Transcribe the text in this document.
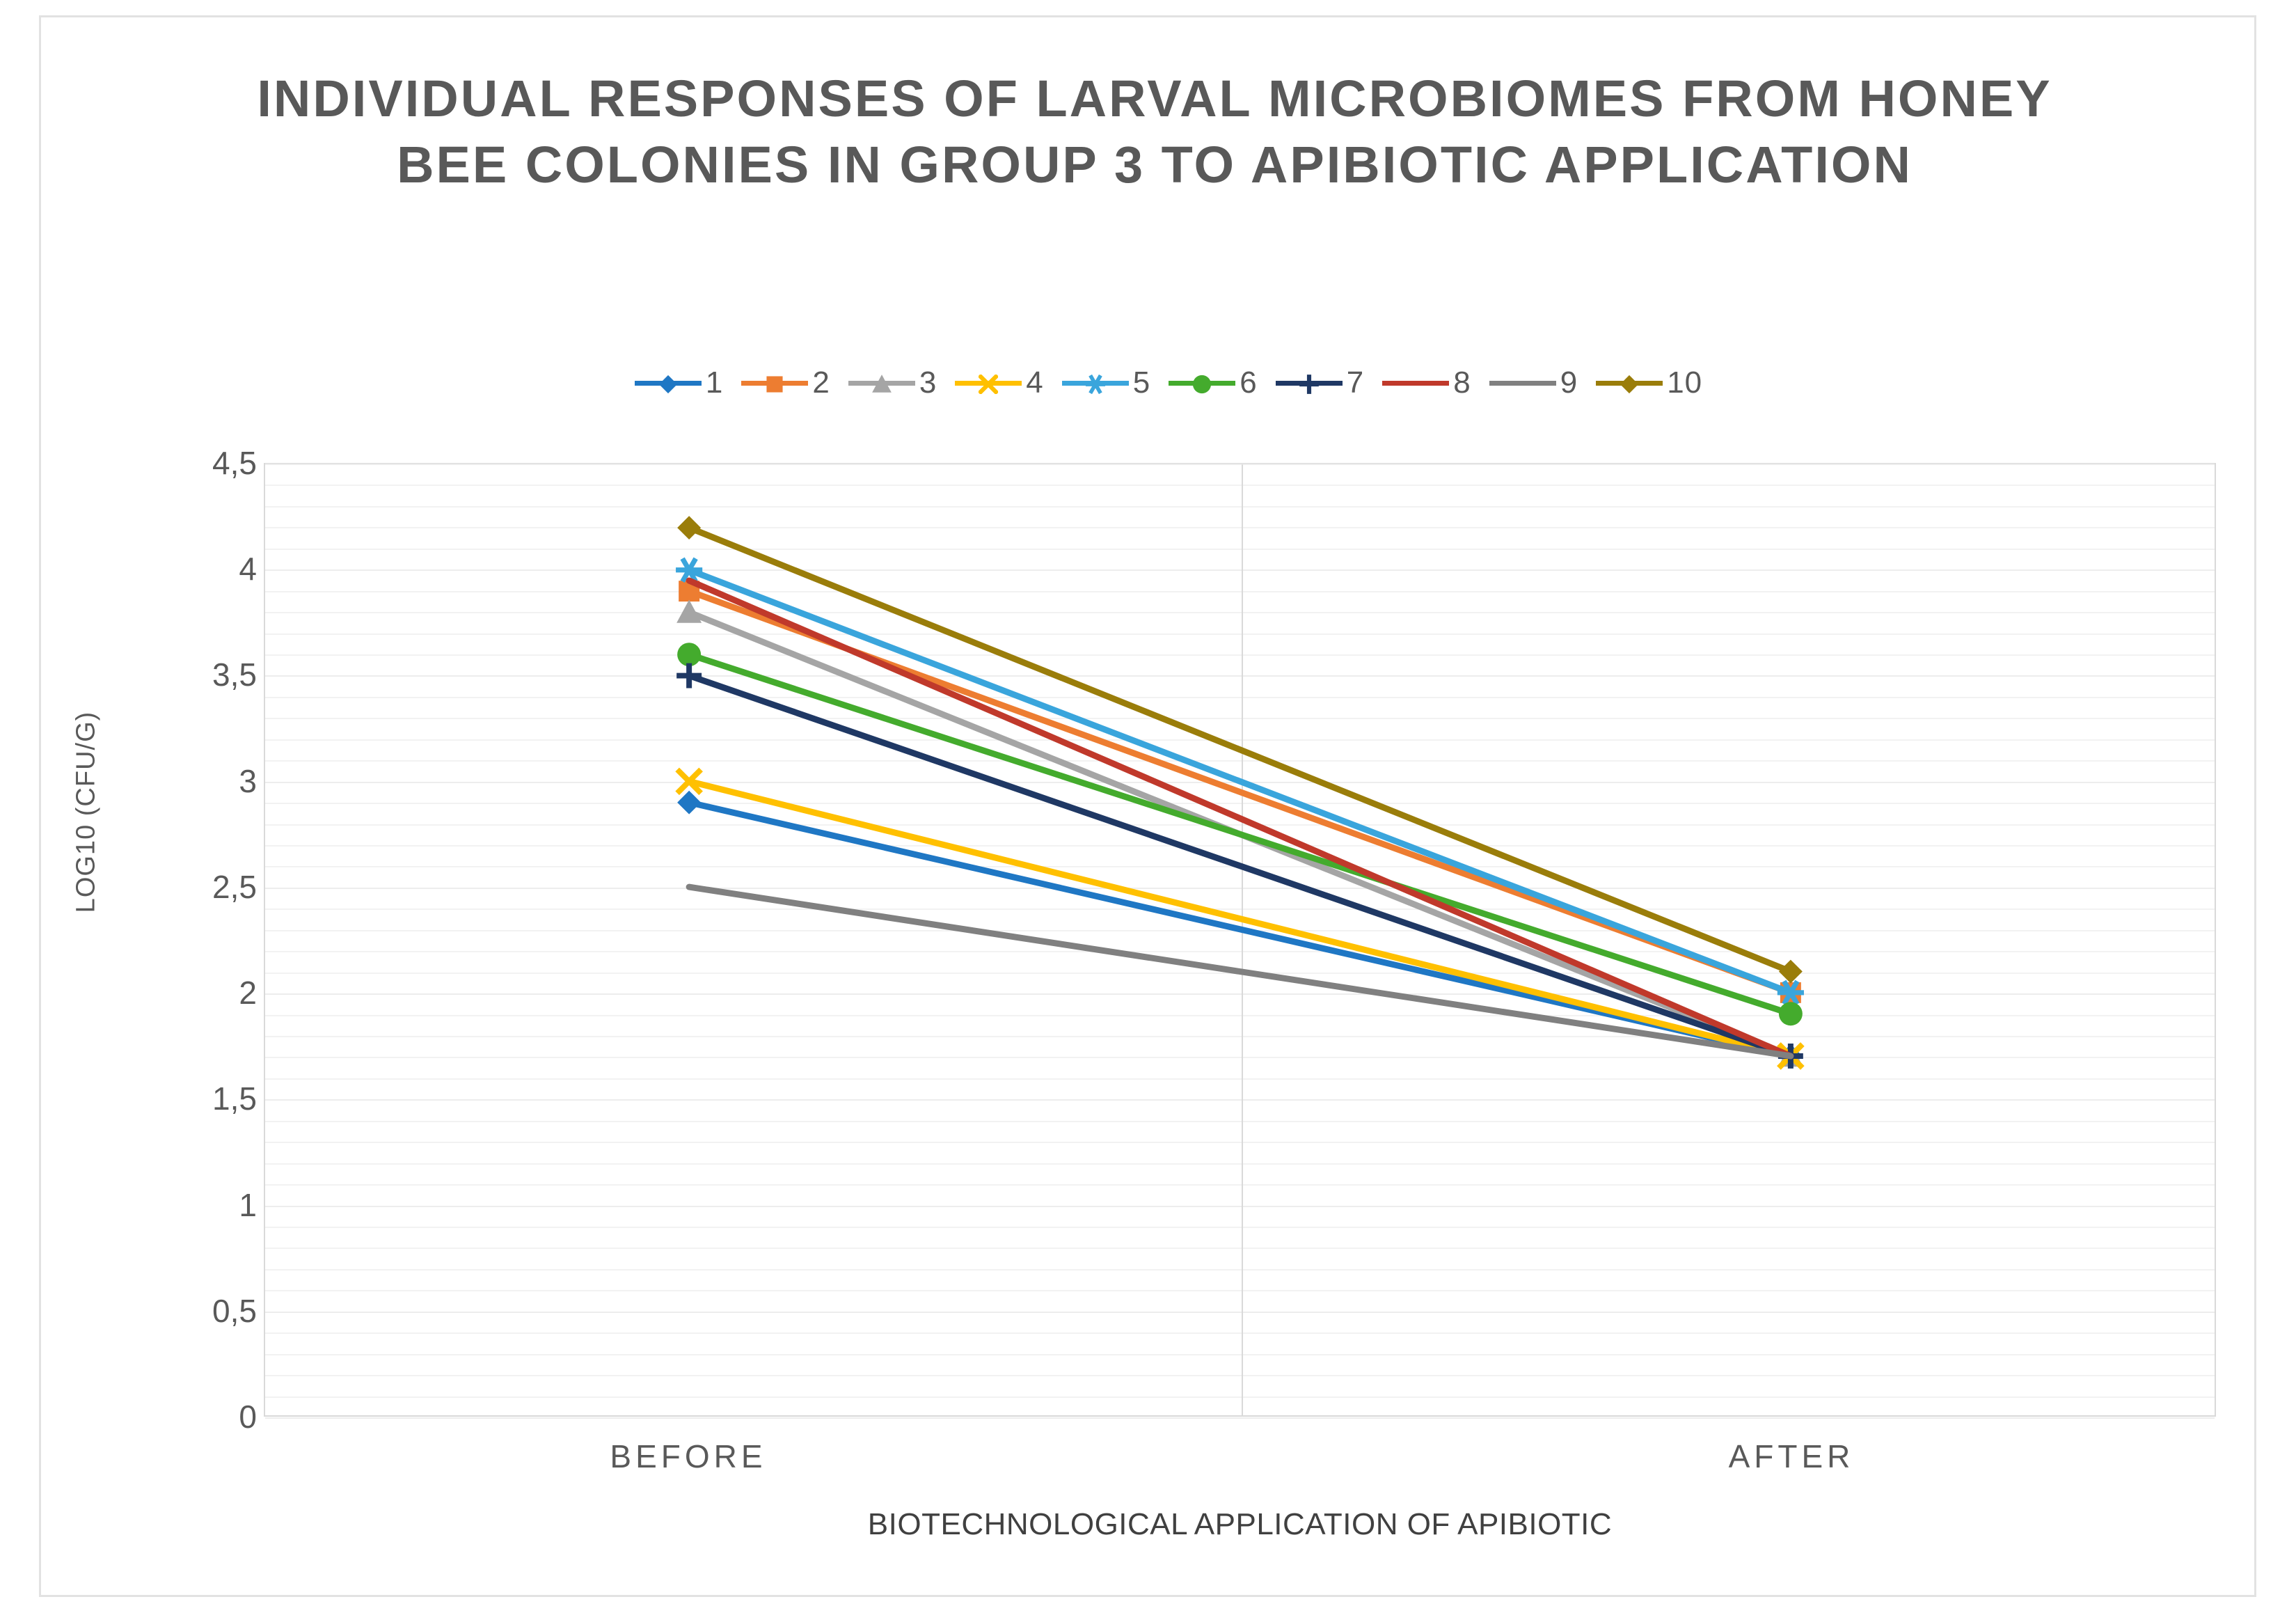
INDIVIDUAL RESPONSES OF LARVAL MICROBIOMES FROM HONEY BEE COLONIES IN GROUP 3 TO APIBIOTIC APPLICATION
1	2	3	4	5	6	7	8	9	10
0
0,5
1
1,5
2
2,5
3
3,5
4
4,5
LOG10 (CFU/G)
BEFORE	AFTER
BIOTECHNOLOGICAL APPLICATION OF APIBIOTIC
